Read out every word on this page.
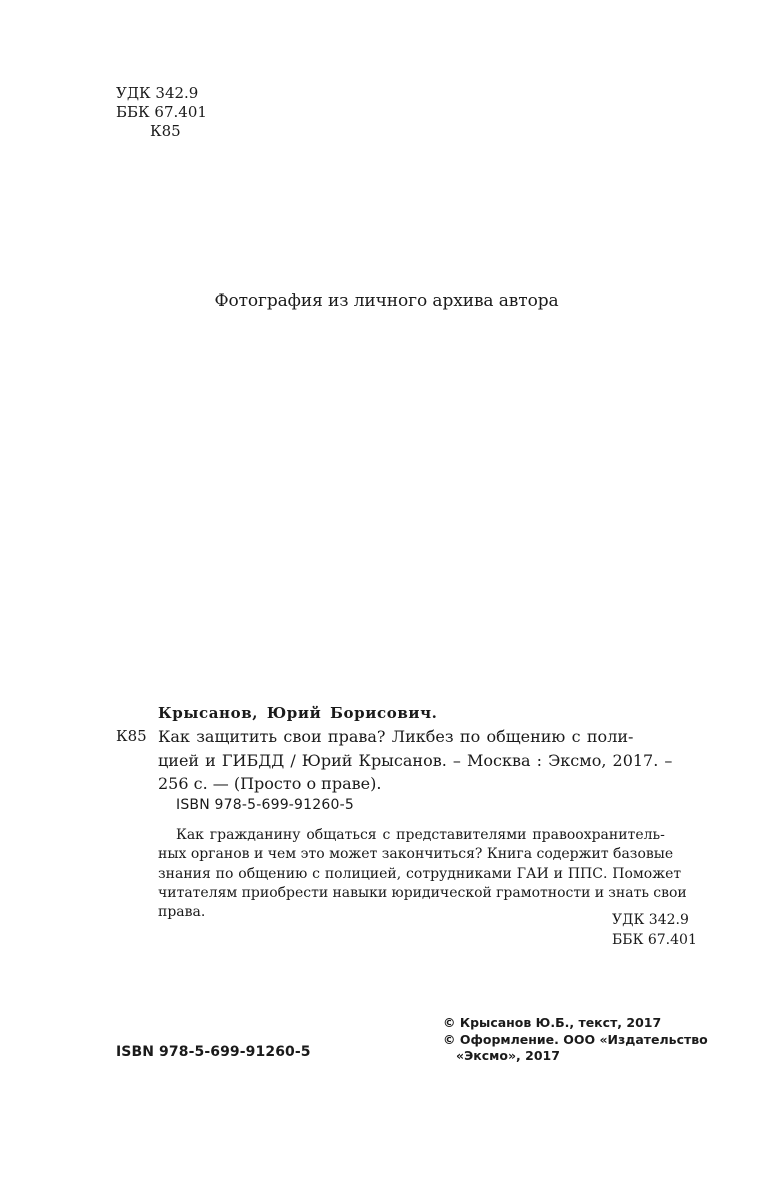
УДК 342.9
ББК 67.401
К85

Фотография из личного архива автора

Крысанов, Юрий Борисович.

К85 Как защитить свои права? Ликбез по общению с поли-
цией и ГИБДД / Юрий Крысанов. – Москва : Эксмо, 2017. –
256 с. — (Просто о праве).

ISBN 978-5-699-91260-5

Как гражданину общаться с представителями правоохранитель-
ных органов и чем это может закончиться? Книга содержит базовые
знания по общению с полицией, сотрудниками ГАИ и ППС. Поможет
читателям приобрести навыки юридической грамотности и знать свои
права.	УДК 342.9
ББК 67.401
© Крысанов Ю.Б., текст, 2017
© Оформление. ООО «Издательство
«Эксмо», 2017

ISBN 978-5-699-91260-5
